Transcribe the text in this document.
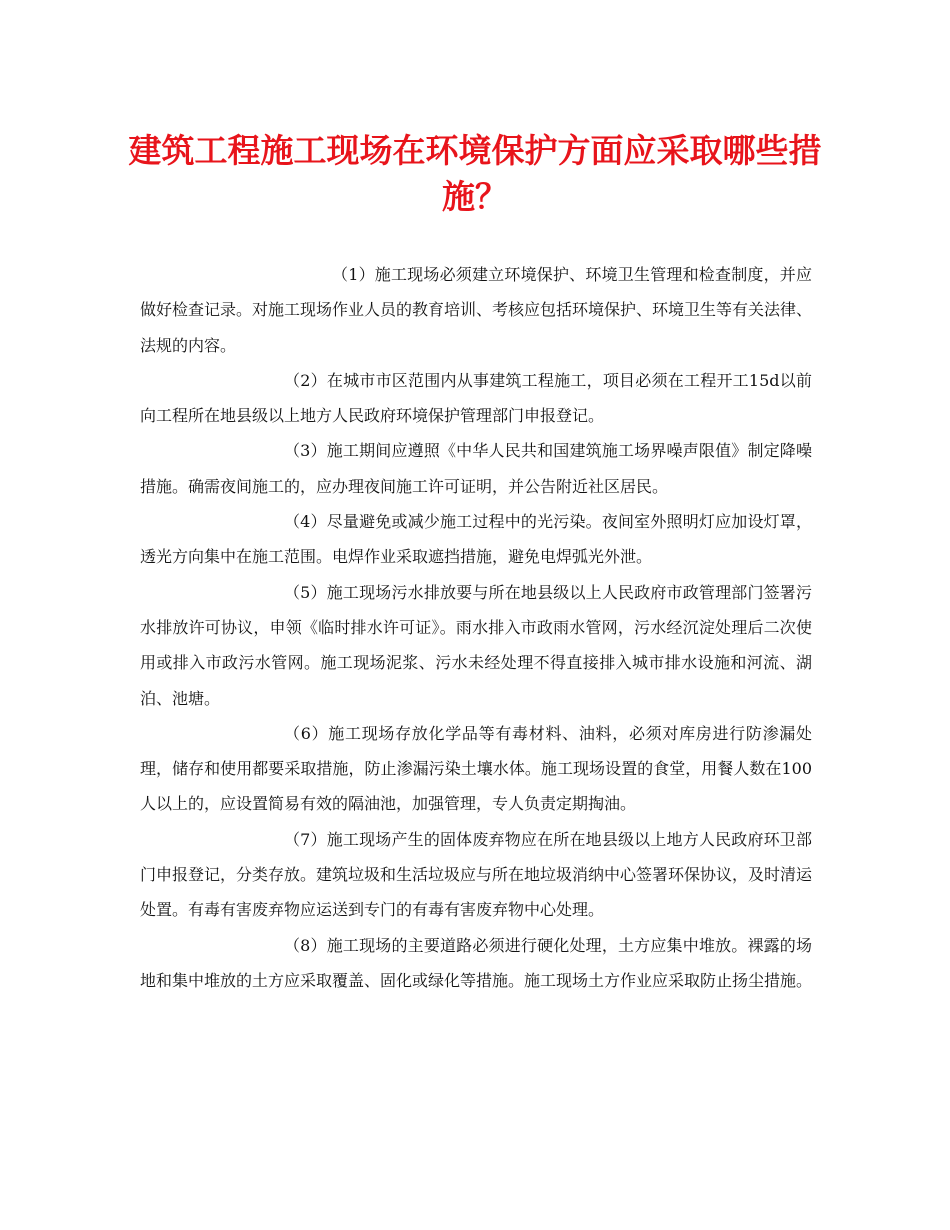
建筑工程施工现场在环境保护方面应采取哪些措施？

（1）施工现场必须建立环境保护、环境卫生管理和检查制度，并应做好检查记录。对施工现场作业人员的教育培训、考核应包括环境保护、环境卫生等有关法律、法规的内容。

（2）在城市市区范围内从事建筑工程施工，项目必须在工程开工15d以前向工程所在地县级以上地方人民政府环境保护管理部门申报登记。

（3）施工期间应遵照《中华人民共和国建筑施工场界噪声限值》制定降噪措施。确需夜间施工的，应办理夜间施工许可证明，并公告附近社区居民。

（4）尽量避免或减少施工过程中的光污染。夜间室外照明灯应加设灯罩，透光方向集中在施工范围。电焊作业采取遮挡措施，避免电焊弧光外泄。

（5）施工现场污水排放要与所在地县级以上人民政府市政管理部门签署污水排放许可协议，申领《临时排水许可证》。雨水排入市政雨水管网，污水经沉淀处理后二次使用或排入市政污水管网。施工现场泥浆、污水未经处理不得直接排入城市排水设施和河流、湖泊、池塘。

（6）施工现场存放化学品等有毒材料、油料，必须对库房进行防渗漏处理，储存和使用都要采取措施，防止渗漏污染土壤水体。施工现场设置的食堂，用餐人数在100人以上的，应设置简易有效的隔油池，加强管理，专人负责定期掏油。

（7）施工现场产生的固体废弃物应在所在地县级以上地方人民政府环卫部门申报登记，分类存放。建筑垃圾和生活垃圾应与所在地垃圾消纳中心签署环保协议，及时清运处置。有毒有害废弃物应运送到专门的有毒有害废弃物中心处理。

（8）施工现场的主要道路必须进行硬化处理，土方应集中堆放。裸露的场地和集中堆放的土方应采取覆盖、固化或绿化等措施。施工现场土方作业应采取防止扬尘措施。
